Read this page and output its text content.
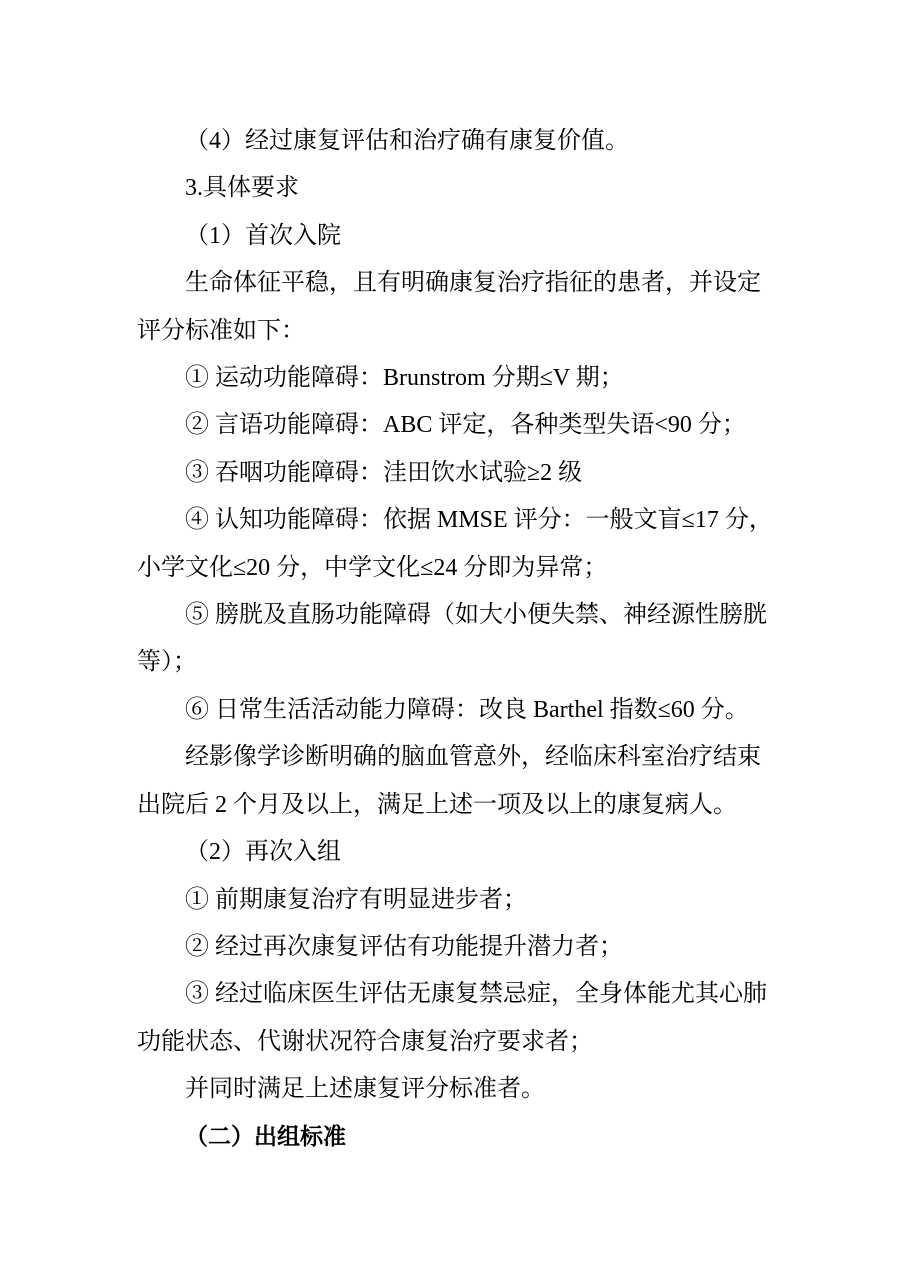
（4）经过康复评估和治疗确有康复价值。

3.具体要求

（1）首次入院

生命体征平稳，且有明确康复治疗指征的患者，并设定评分标准如下：

① 运动功能障碍：Brunstrom 分期≤V 期；

② 言语功能障碍：ABC 评定，各种类型失语<90 分；

③ 吞咽功能障碍：洼田饮水试验≥2 级

④ 认知功能障碍：依据 MMSE 评分：一般文盲≤17 分，小学文化≤20 分，中学文化≤24 分即为异常；

⑤ 膀胱及直肠功能障碍（如大小便失禁、神经源性膀胱等）；

⑥ 日常生活活动能力障碍：改良 Barthel 指数≤60 分。

经影像学诊断明确的脑血管意外，经临床科室治疗结束出院后 2 个月及以上，满足上述一项及以上的康复病人。

（2）再次入组

① 前期康复治疗有明显进步者；

② 经过再次康复评估有功能提升潜力者；

③ 经过临床医生评估无康复禁忌症，全身体能尤其心肺功能状态、代谢状况符合康复治疗要求者；

并同时满足上述康复评分标准者。

（二）出组标准
